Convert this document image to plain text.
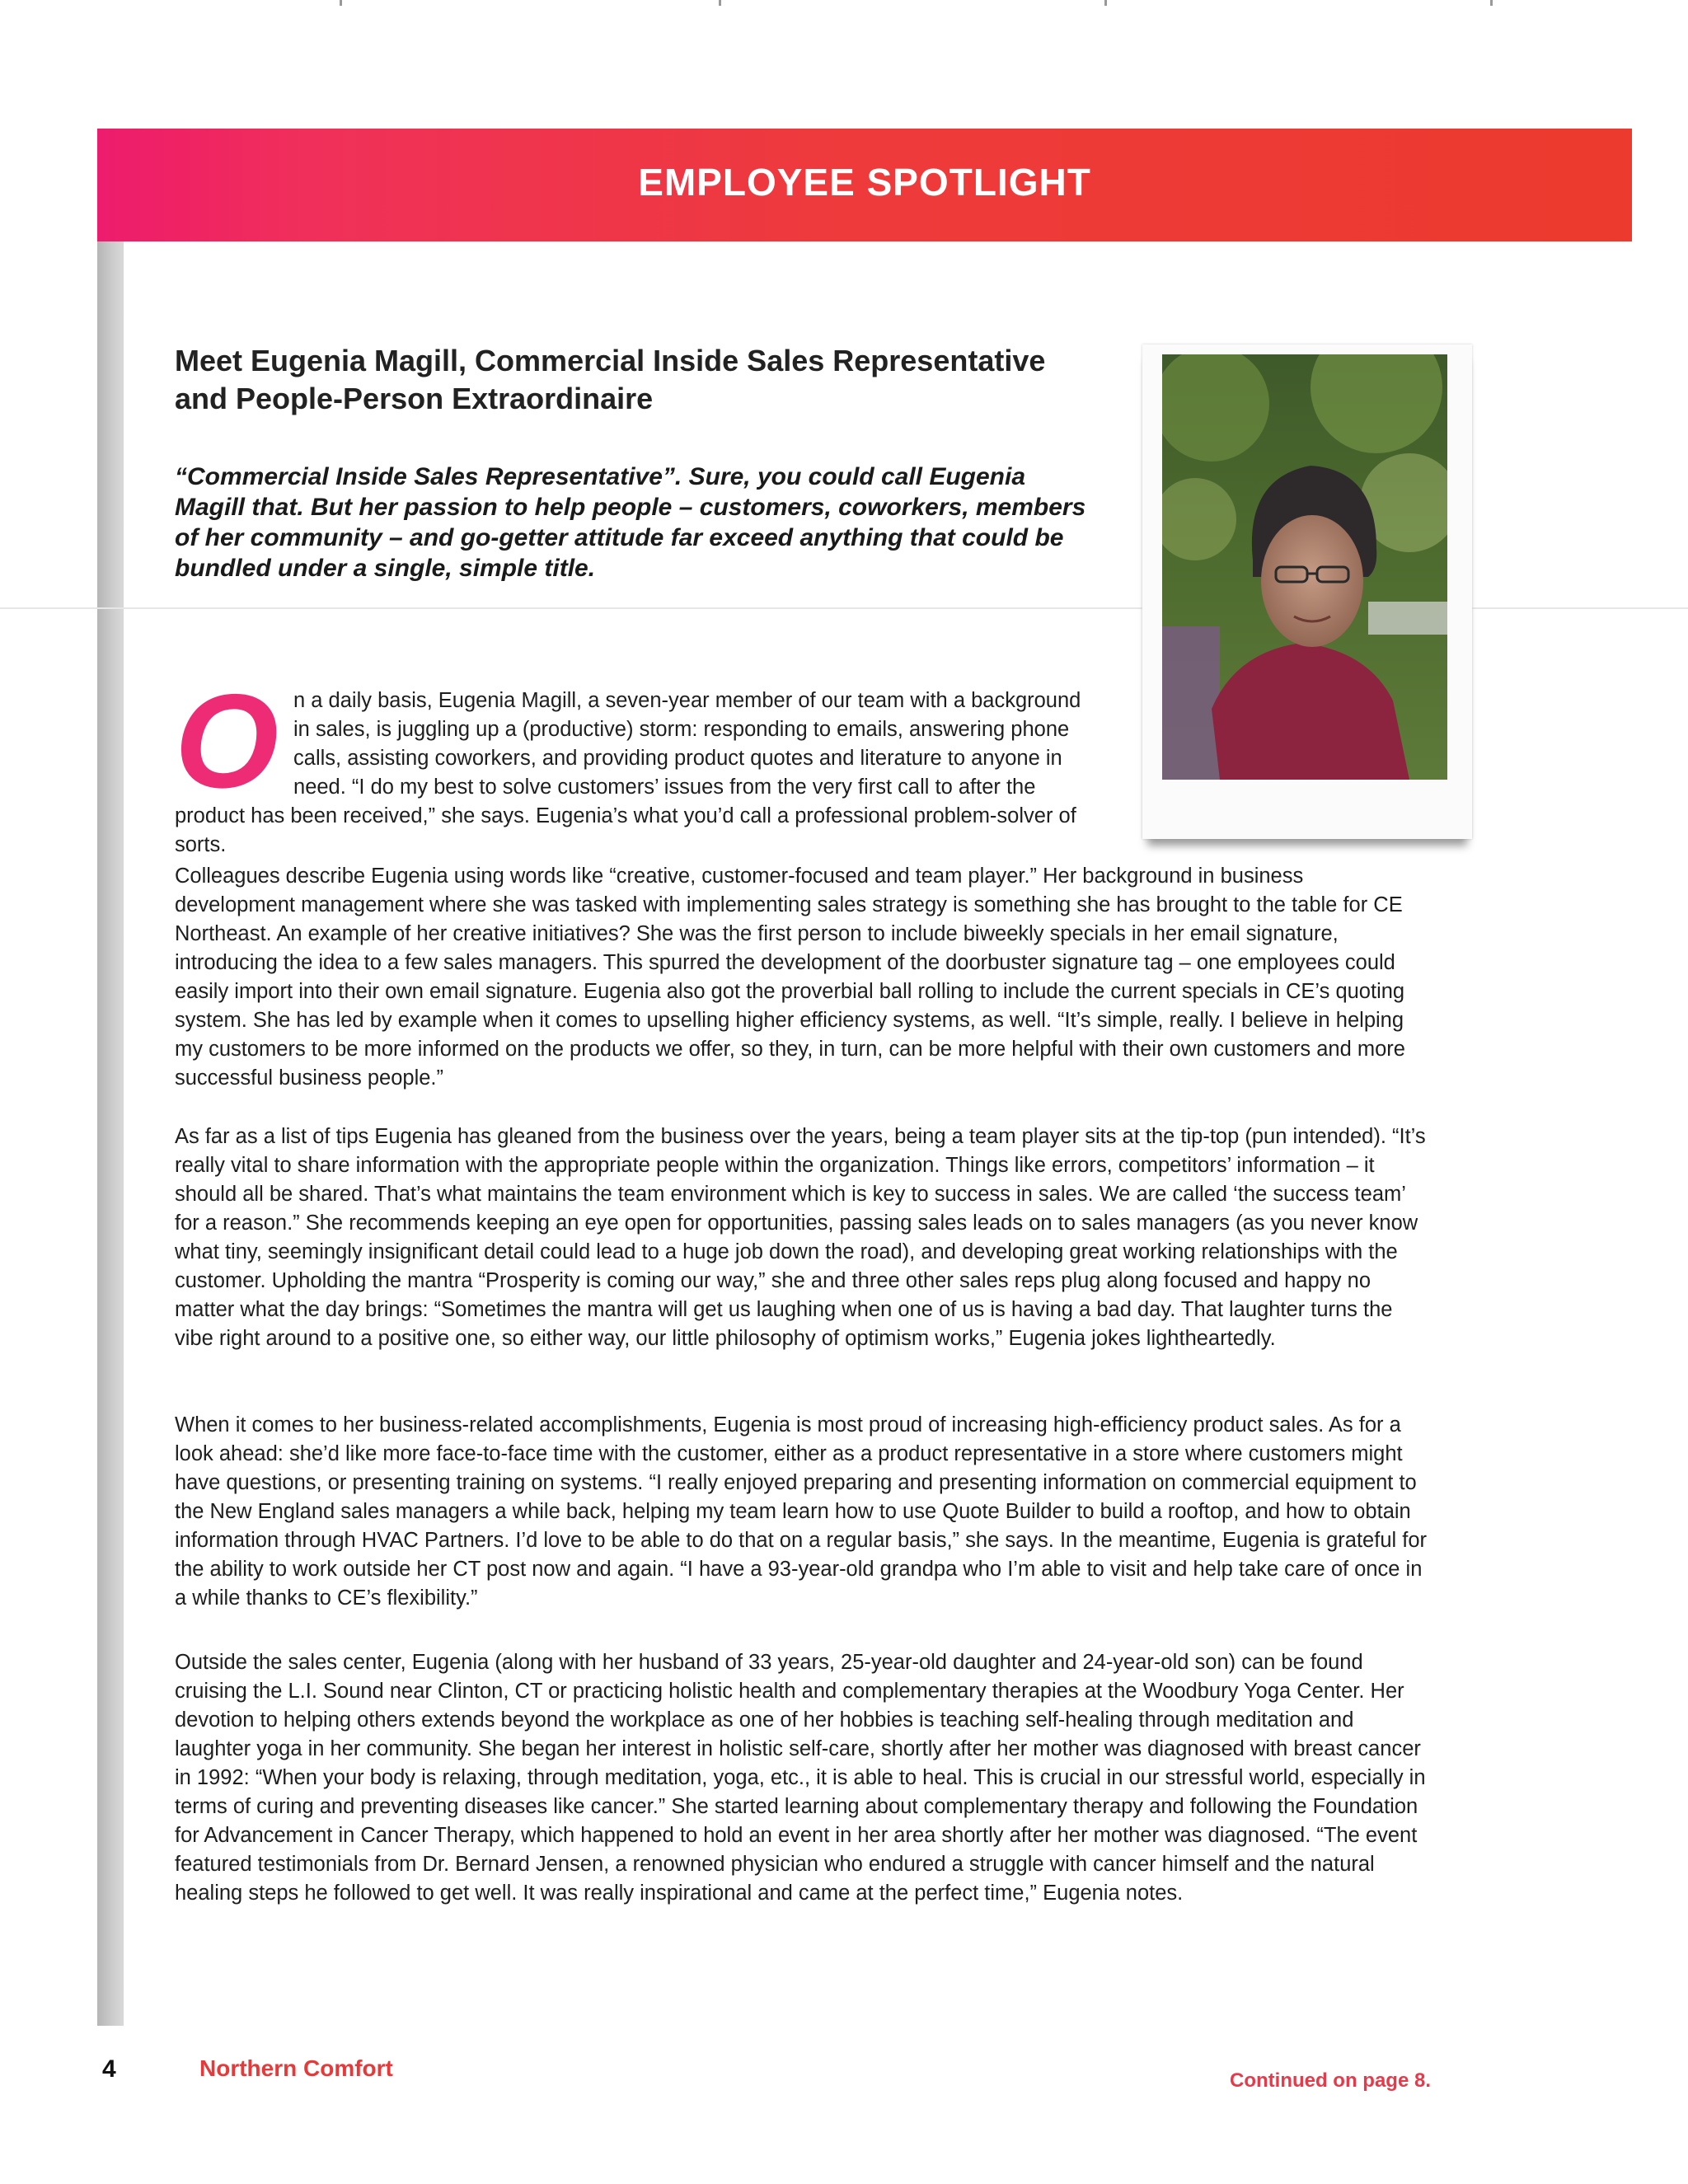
EMPLOYEE SPOTLIGHT
Meet Eugenia Magill, Commercial Inside Sales Representative
and People-Person Extraordinaire
“Commercial Inside Sales Representative”. Sure, you could call Eugenia Magill that. But her passion to help people – customers, coworkers, members of her community – and go-getter attitude far exceed anything that could be bundled under a single, simple title.
O n a daily basis, Eugenia Magill, a seven-year member of our team with a background in sales, is juggling up a (productive) storm: responding to emails, answering phone calls, assisting coworkers, and providing product quotes and literature to anyone in need. “I do my best to solve customers’ issues from the very first call to after the product has been received,” she says. Eugenia’s what you’d call a professional problem-solver of sorts.
Colleagues describe Eugenia using words like “creative, customer-focused and team player.” Her background in business development management where she was tasked with implementing sales strategy is something she has brought to the table for CE Northeast. An example of her creative initiatives? She was the first person to include biweekly specials in her email signature, introducing the idea to a few sales managers. This spurred the development of the doorbuster signature tag – one employees could easily import into their own email signature. Eugenia also got the proverbial ball rolling to include the current specials in CE’s quoting system. She has led by example when it comes to upselling higher efficiency systems, as well. “It’s simple, really. I believe in helping my customers to be more informed on the products we offer, so they, in turn, can be more helpful with their own customers and more successful business people.”
As far as a list of tips Eugenia has gleaned from the business over the years, being a team player sits at the tip-top (pun intended). “It’s really vital to share information with the appropriate people within the organization. Things like errors, competitors’ information – it should all be shared. That’s what maintains the team environment which is key to success in sales. We are called ‘the success team’ for a reason.” She recommends keeping an eye open for opportunities, passing sales leads on to sales managers (as you never know what tiny, seemingly insignificant detail could lead to a huge job down the road), and developing great working relationships with the customer. Upholding the mantra “Prosperity is coming our way,” she and three other sales reps plug along focused and happy no matter what the day brings: “Sometimes the mantra will get us laughing when one of us is having a bad day. That laughter turns the vibe right around to a positive one, so either way, our little philosophy of optimism works,” Eugenia jokes lightheartedly.
When it comes to her business-related accomplishments, Eugenia is most proud of increasing high-efficiency product sales. As for a look ahead: she’d like more face-to-face time with the customer, either as a product representative in a store where customers might have questions, or presenting training on systems. “I really enjoyed preparing and presenting information on commercial equipment to the New England sales managers a while back, helping my team learn how to use Quote Builder to build a rooftop, and how to obtain information through HVAC Partners. I’d love to be able to do that on a regular basis,” she says. In the meantime, Eugenia is grateful for the ability to work outside her CT post now and again. “I have a 93-year-old grandpa who I’m able to visit and help take care of once in a while thanks to CE’s flexibility.”
Outside the sales center, Eugenia (along with her husband of 33 years, 25-year-old daughter and 24-year-old son) can be found cruising the L.I. Sound near Clinton, CT or practicing holistic health and complementary therapies at the Woodbury Yoga Center. Her devotion to helping others extends beyond the workplace as one of her hobbies is teaching self-healing through meditation and laughter yoga in her community. She began her interest in holistic self-care, shortly after her mother was diagnosed with breast cancer in 1992: “When your body is relaxing, through meditation, yoga, etc., it is able to heal. This is crucial in our stressful world, especially in terms of curing and preventing diseases like cancer.” She started learning about complementary therapy and following the Foundation for Advancement in Cancer Therapy, which happened to hold an event in her area shortly after her mother was diagnosed. “The event featured testimonials from Dr. Bernard Jensen, a renowned physician who endured a struggle with cancer himself and the natural healing steps he followed to get well. It was really inspirational and came at the perfect time,” Eugenia notes.
4	Northern Comfort	Continued on page 8.
